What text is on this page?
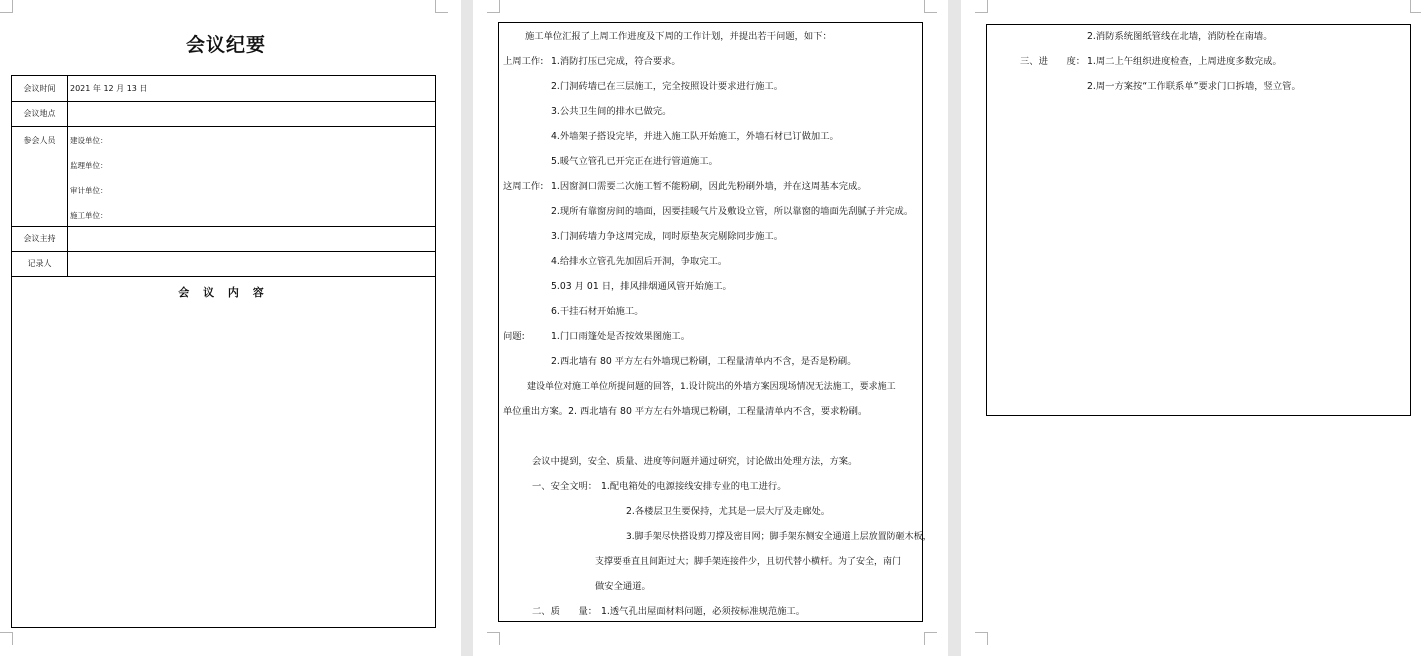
会议纪要
会议时间	2021 年 12 月 13 日
会议地点
参会人员	建设单位：
监理单位：
审计单位：
施工单位：
会议主持
记录人
会 议 内 容
施工单位汇报了上周工作进度及下周的工作计划，并提出若干问题，如下：
上周工作: 1.消防打压已完成，符合要求。
2.门洞砖墙已在三层施工，完全按照设计要求进行施工。
3.公共卫生间的排水已做完。
4.外墙架子搭设完毕，并进入施工队开始施工，外墙石材已订做加工。
5.暖气立管孔已开完正在进行管道施工。
这周工作: 1.因窗洞口需要二次施工暂不能粉刷，因此先粉刷外墙，并在这周基本完成。
2.现所有靠窗房间的墙面，因要挂暖气片及敷设立管，所以靠窗的墙面先刮腻子并完成。
3.门洞砖墙力争这周完成，同时原垫灰完剔除同步施工。
4.给排水立管孔先加固后开洞，争取完工。
5.03 月 01 日，排风排烟通风管开始施工。
6.干挂石材开始施工。
问题:	1.门口雨篷处是否按效果图施工。
2.西北墙有 80 平方左右外墙现已粉刷，工程量清单内不含，是否是粉刷。
建设单位对施工单位所提问题的回答，1.设计院出的外墙方案因现场情况无法施工，要求施工
单位重出方案。2. 西北墙有 80 平方左右外墙现已粉刷，工程量清单内不含，要求粉刷。
会议中提到，安全、质量、进度等问题并通过研究，讨论做出处理方法，方案。
一、安全文明： 1.配电箱处的电源接线安排专业的电工进行。
2.各楼层卫生要保持，尤其是一层大厅及走廊处。
3.脚手架尽快搭设剪刀撑及密目网；脚手架东侧安全通道上层放置防砸木板，
支撑要垂直且间距过大；脚手架连接件少，且切代替小横杆。为了安全，南门
做安全通道。
二、质　　量： 1.透气孔出屋面材料问题，必须按标准规范施工。
2.消防系统图纸管线在北墙，消防栓在南墙。
三、进　　度： 1.周二上午组织进度检查，上周进度多数完成。
2.周一方案按“工作联系单”要求门口拆墙，竖立管。
